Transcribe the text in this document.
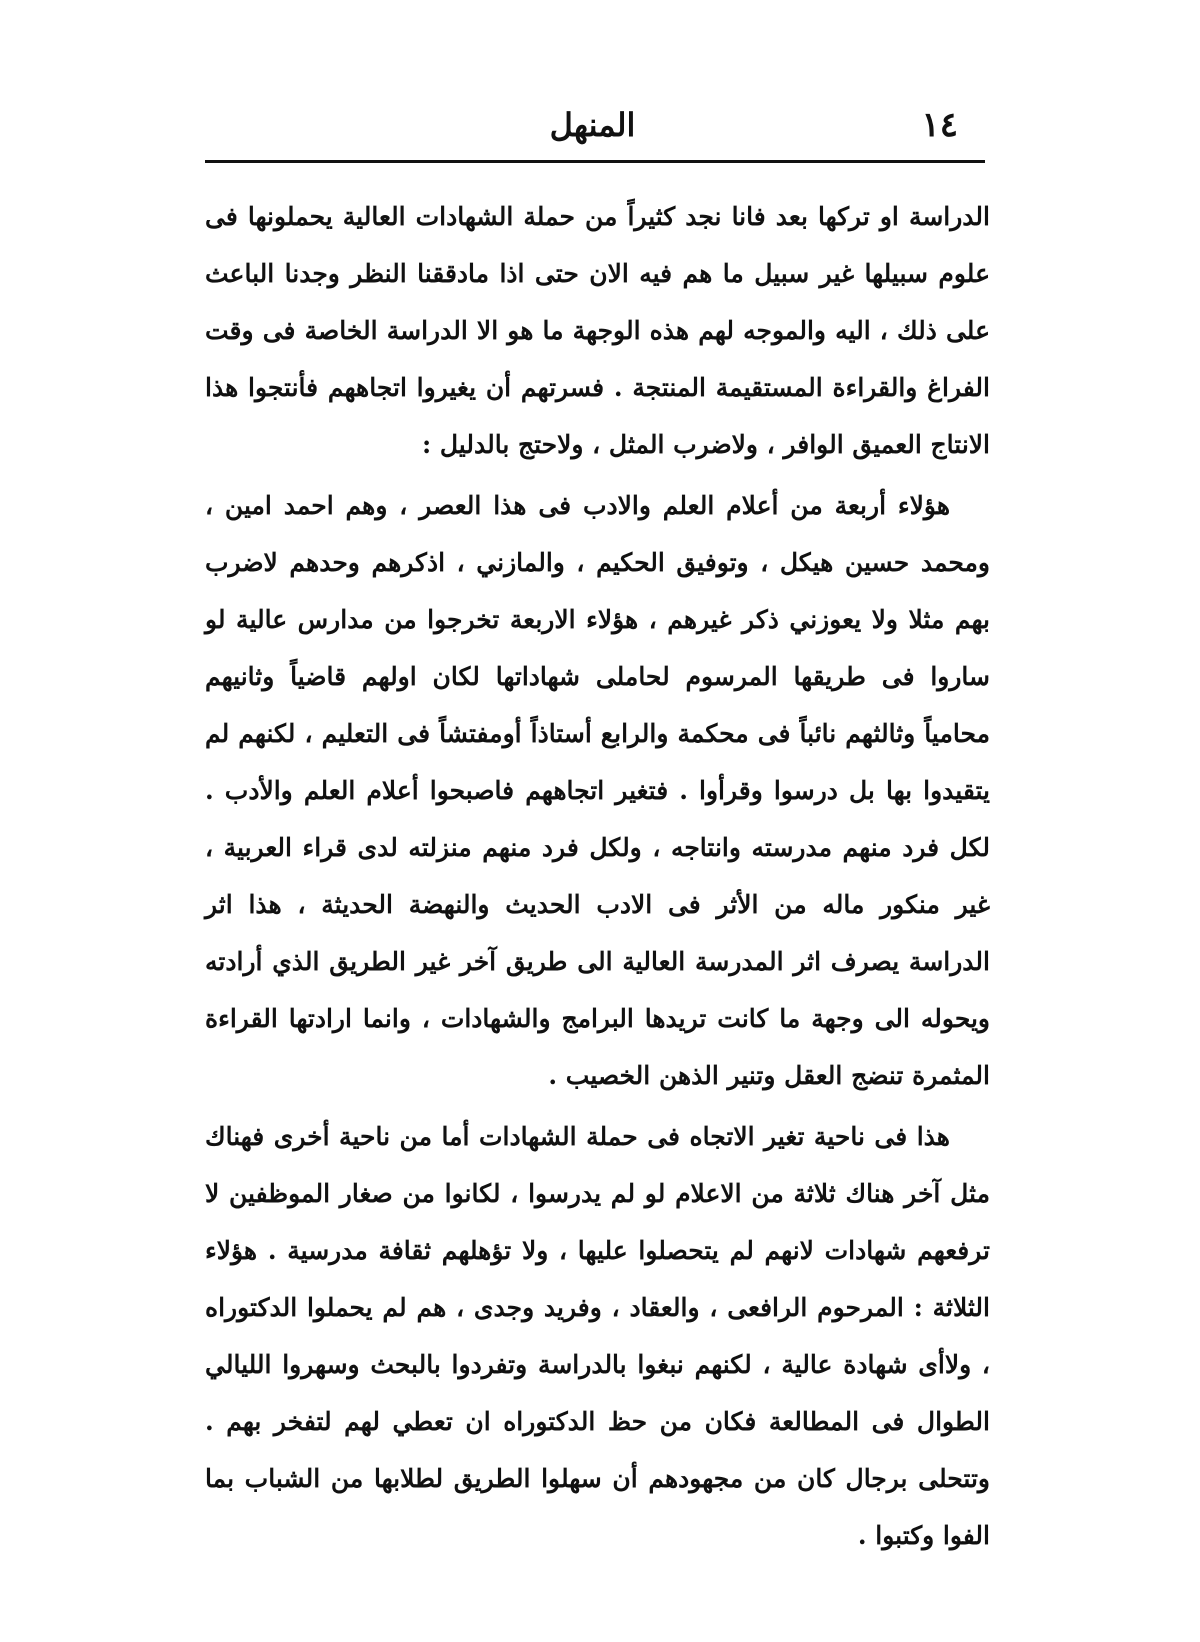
١٤
المنهل

الدراسة او تركها بعد فانا نجد كثيراً من حملة الشهادات العالية يحملونها فى علوم سبيلها غير سبيل ما هم فيه الان حتى اذا مادققنا النظر وجدنا الباعث على ذلك ، اليه والموجه لهم هذه الوجهة ما هو الا الدراسة الخاصة فى وقت الفراغ والقراءة المستقيمة المنتجة . فسرتهم أن يغيروا اتجاههم فأنتجوا هذا الانتاج العميق الوافر ، ولاضرب المثل ، ولاحتج بالدليل :

هؤلاء أربعة من أعلام العلم والادب فى هذا العصر ، وهم احمد امين ، ومحمد حسين هيكل ، وتوفيق الحكيم ، والمازني ، اذكرهم وحدهم لاضرب بهم مثلا ولا يعوزني ذكر غيرهم ، هؤلاء الاربعة تخرجوا من مدارس عالية لو ساروا فى طريقها المرسوم لحاملى شهاداتها لكان اولهم قاضياً وثانيهم محامياً وثالثهم نائباً فى محكمة والرابع أستاذاً أومفتشاً فى التعليم ، لكنهم لم يتقيدوا بها بل درسوا وقرأوا . فتغير اتجاههم فاصبحوا أعلام العلم والأدب . لكل فرد منهم مدرسته وانتاجه ، ولكل فرد منهم منزلته لدى قراء العربية ، غير منكور ماله من الأثر فى الادب الحديث والنهضة الحديثة ، هذا اثر الدراسة يصرف اثر المدرسة العالية الى طريق آخر غير الطريق الذي أرادته ويحوله الى وجهة ما كانت تريدها البرامج والشهادات ، وانما ارادتها القراءة المثمرة تنضج العقل وتنير الذهن الخصيب .

هذا فى ناحية تغير الاتجاه فى حملة الشهادات أما من ناحية أخرى فهناك مثل آخر هناك ثلاثة من الاعلام لو لم يدرسوا ، لكانوا من صغار الموظفين لا ترفعهم شهادات لانهم لم يتحصلوا عليها ، ولا تؤهلهم ثقافة مدرسية . هؤلاء الثلاثة : المرحوم الرافعى ، والعقاد ، وفريد وجدى ، هم لم يحملوا الدكتوراه ، ولاأى شهادة عالية ، لكنهم نبغوا بالدراسة وتفردوا بالبحث وسهروا الليالي الطوال فى المطالعة فكان من حظ الدكتوراه ان تعطي لهم لتفخر بهم . وتتحلى برجال كان من مجهودهم أن سهلوا الطريق لطلابها من الشباب بما الفوا وكتبوا .
